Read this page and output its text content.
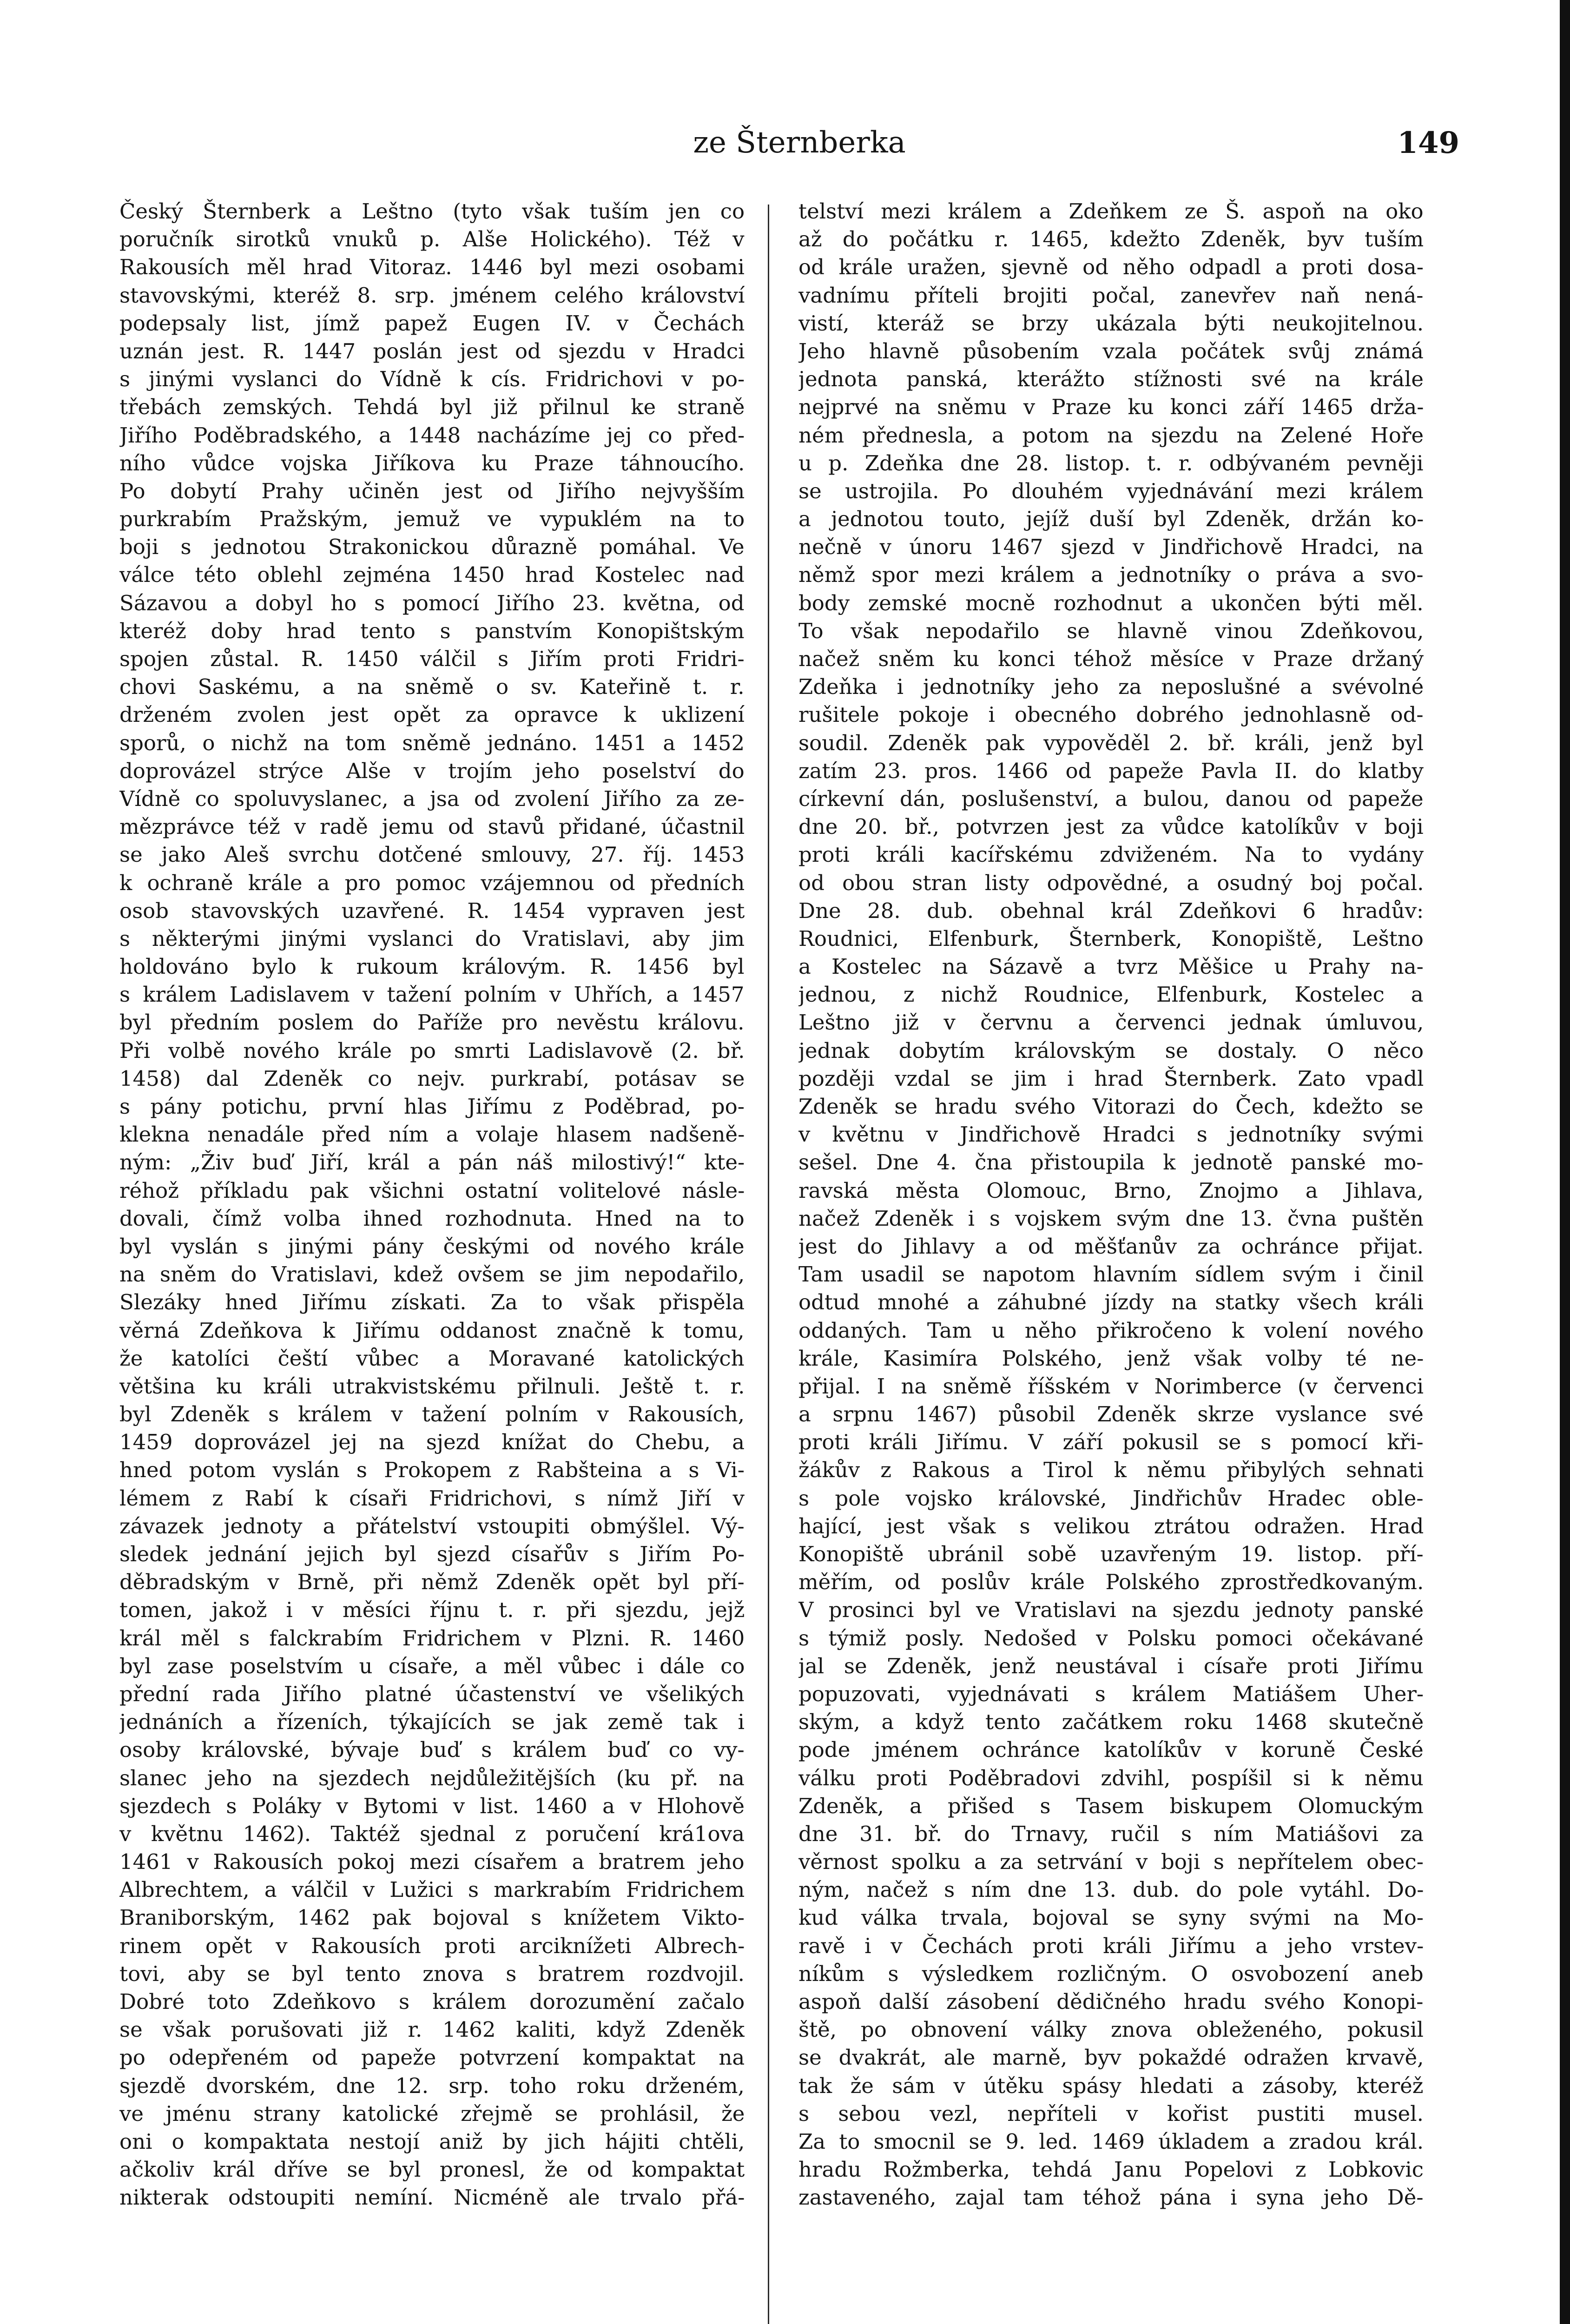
ze Šternberka	149
Český Šternberk a Leštno (tyto však tuším jen co
poručník sirotků vnuků p. Alše Holického). Též v
Rakousích měl hrad Vitoraz. 1446 byl mezi osobami
stavovskými, kteréž 8. srp. jménem celého království
podepsaly list, jímž papež Eugen IV. v Čechách
uznán jest. R. 1447 poslán jest od sjezdu v Hradci
s jinými vyslanci do Vídně k cís. Fridrichovi v po-
třebách zemských. Tehdá byl již přilnul ke straně
Jiřího Poděbradského, a 1448 nacházíme jej co před-
ního vůdce vojska Jiříkova ku Praze táhnoucího.
Po dobytí Prahy učiněn jest od Jiřího nejvyšším
purkrabím Pražským, jemuž ve vypuklém na to
boji s jednotou Strakonickou důrazně pomáhal. Ve
válce této oblehl zejména 1450 hrad Kostelec nad
Sázavou a dobyl ho s pomocí Jiřího 23. května, od
kteréž doby hrad tento s panstvím Konopištským
spojen zůstal. R. 1450 válčil s Jiřím proti Fridri-
chovi Saskému, a na sněmě o sv. Kateřině t. r.
drženém zvolen jest opět za opravce k uklizení
sporů, o nichž na tom sněmě jednáno. 1451 a 1452
doprovázel strýce Alše v trojím jeho poselství do
Vídně co spoluvyslanec, a jsa od zvolení Jiřího za ze-
mězprávce též v radě jemu od stavů přidané, účastnil
se jako Aleš svrchu dotčené smlouvy, 27. říj. 1453
k ochraně krále a pro pomoc vzájemnou od předních
osob stavovských uzavřené. R. 1454 vypraven jest
s některými jinými vyslanci do Vratislavi, aby jim
holdováno bylo k rukoum královým. R. 1456 byl
s králem Ladislavem v tažení polním v Uhřích, a 1457
byl předním poslem do Paříže pro nevěstu královu.
Při volbě nového krále po smrti Ladislavově (2. bř.
1458) dal Zdeněk co nejv. purkrabí, potásav se
s pány potichu, první hlas Jiřímu z Poděbrad, po-
klekna nenadále před ním a volaje hlasem nadšeně-
ným: „Živ buď Jiří, král a pán náš milostivý!“ kte-
réhož příkladu pak všichni ostatní volitelové násle-
dovali, čímž volba ihned rozhodnuta. Hned na to
byl vyslán s jinými pány českými od nového krále
na sněm do Vratislavi, kdež ovšem se jim nepodařilo,
Slezáky hned Jiřímu získati. Za to však přispěla
věrná Zdeňkova k Jiřímu oddanost značně k tomu,
že katolíci čeští vůbec a Moravané katolických
většina ku králi utrakvistskému přilnuli. Ještě t. r.
byl Zdeněk s králem v tažení polním v Rakousích,
1459 doprovázel jej na sjezd knížat do Chebu, a
hned potom vyslán s Prokopem z Rabšteina a s Vi-
lémem z Rabí k císaři Fridrichovi, s nímž Jiří v
závazek jednoty a přátelství vstoupiti obmýšlel. Vý-
sledek jednání jejich byl sjezd císařův s Jiřím Po-
děbradským v Brně, při němž Zdeněk opět byl pří-
tomen, jakož i v měsíci říjnu t. r. při sjezdu, jejž
král měl s falckrabím Fridrichem v Plzni. R. 1460
byl zase poselstvím u císaře, a měl vůbec i dále co
přední rada Jiřího platné účastenství ve všelikých
jednáních a řízeních, týkajících se jak země tak i
osoby královské, bývaje buď s králem buď co vy-
slanec jeho na sjezdech nejdůležitějších (ku př. na
sjezdech s Poláky v Bytomi v list. 1460 a v Hlohově
v květnu 1462). Taktéž sjednal z poručení krá1ova
1461 v Rakousích pokoj mezi císařem a bratrem jeho
Albrechtem, a válčil v Lužici s markrabím Fridrichem
Braniborským, 1462 pak bojoval s knížetem Vikto-
rinem opět v Rakousích proti arciknížeti Albrech-
tovi, aby se byl tento znova s bratrem rozdvojil.
Dobré toto Zdeňkovo s králem dorozumění začalo
se však porušovati již r. 1462 kaliti, když Zdeněk
po odepřeném od papeže potvrzení kompaktat na
sjezdě dvorském, dne 12. srp. toho roku drženém,
ve jménu strany katolické zřejmě se prohlásil, že
oni o kompaktata nestojí aniž by jich hájiti chtěli,
ačkoliv král dříve se byl pronesl, že od kompaktat
nikterak odstoupiti nemíní. Nicméně ale trvalo přá-
telství mezi králem a Zdeňkem ze Š. aspoň na oko
až do počátku r. 1465, kdežto Zdeněk, byv tuším
od krále uražen, sjevně od něho odpadl a proti dosa-
vadnímu příteli brojiti počal, zanevřev naň nená-
vistí, kteráž se brzy ukázala býti neukojitelnou.
Jeho hlavně působením vzala počátek svůj známá
jednota panská, kterážto stížnosti své na krále
nejprvé na sněmu v Praze ku konci září 1465 drža-
ném přednesla, a potom na sjezdu na Zelené Hoře
u p. Zdeňka dne 28. listop. t. r. odbývaném pevněji
se ustrojila. Po dlouhém vyjednávání mezi králem
a jednotou touto, jejíž duší byl Zdeněk, držán ko-
nečně v únoru 1467 sjezd v Jindřichově Hradci, na
němž spor mezi králem a jednotníky o práva a svo-
body zemské mocně rozhodnut a ukončen býti měl.
To však nepodařilo se hlavně vinou Zdeňkovou,
načež sněm ku konci téhož měsíce v Praze držaný
Zdeňka i jednotníky jeho za neposlušné a svévolné
rušitele pokoje i obecného dobrého jednohlasně od-
soudil. Zdeněk pak vypověděl 2. bř. králi, jenž byl
zatím 23. pros. 1466 od papeže Pavla II. do klatby
církevní dán, poslušenství, a bulou, danou od papeže
dne 20. bř., potvrzen jest za vůdce katolíkův v boji
proti králi kacířskému zdviženém. Na to vydány
od obou stran listy odpovědné, a osudný boj počal.
Dne 28. dub. obehnal král Zdeňkovi 6 hradův:
Roudnici, Elfenburk, Šternberk, Konopiště, Leštno
a Kostelec na Sázavě a tvrz Měšice u Prahy na-
jednou, z nichž Roudnice, Elfenburk, Kostelec a
Leštno již v červnu a červenci jednak úmluvou,
jednak dobytím královským se dostaly. O něco
později vzdal se jim i hrad Šternberk. Zato vpadl
Zdeněk se hradu svého Vitorazi do Čech, kdežto se
v květnu v Jindřichově Hradci s jednotníky svými
sešel. Dne 4. čna přistoupila k jednotě panské mo-
ravská města Olomouc, Brno, Znojmo a Jihlava,
načež Zdeněk i s vojskem svým dne 13. čvna puštěn
jest do Jihlavy a od měšťanův za ochránce přijat.
Tam usadil se napotom hlavním sídlem svým i činil
odtud mnohé a záhubné jízdy na statky všech králi
oddaných. Tam u něho přikročeno k volení nového
krále, Kasimíra Polského, jenž však volby té ne-
přijal. I na sněmě říšském v Norimberce (v červenci
a srpnu 1467) působil Zdeněk skrze vyslance své
proti králi Jiřímu. V září pokusil se s pomocí kři-
žákův z Rakous a Tirol k němu přibylých sehnati
s pole vojsko královské, Jindřichův Hradec oble-
hající, jest však s velikou ztrátou odražen. Hrad
Konopiště ubránil sobě uzavřeným 19. listop. pří-
měřím, od poslův krále Polského zprostředkovaným.
V prosinci byl ve Vratislavi na sjezdu jednoty panské
s týmiž posly. Nedošed v Polsku pomoci očekávané
jal se Zdeněk, jenž neustával i císaře proti Jiřímu
popuzovati, vyjednávati s králem Matiášem Uher-
ským, a když tento začátkem roku 1468 skutečně
pode jménem ochránce katolíkův v koruně České
válku proti Poděbradovi zdvihl, pospíšil si k němu
Zdeněk, a přišed s Tasem biskupem Olomuckým
dne 31. bř. do Trnavy, ručil s ním Matiášovi za
věrnost spolku a za setrvání v boji s nepřítelem obec-
ným, načež s ním dne 13. dub. do pole vytáhl. Do-
kud válka trvala, bojoval se syny svými na Mo-
ravě i v Čechách proti králi Jiřímu a jeho vrstev-
níkům s výsledkem rozličným. O osvobození aneb
aspoň další zásobení dědičného hradu svého Konopi-
ště, po obnovení války znova obleženého, pokusil
se dvakrát, ale marně, byv pokaždé odražen krvavě,
tak že sám v útěku spásy hledati a zásoby, kteréž
s sebou vezl, nepříteli v kořist pustiti musel.
Za to smocnil se 9. led. 1469 úkladem a zradou král.
hradu Rožmberka, tehdá Janu Popelovi z Lobkovic
zastaveného, zajal tam téhož pána i syna jeho Dě-
